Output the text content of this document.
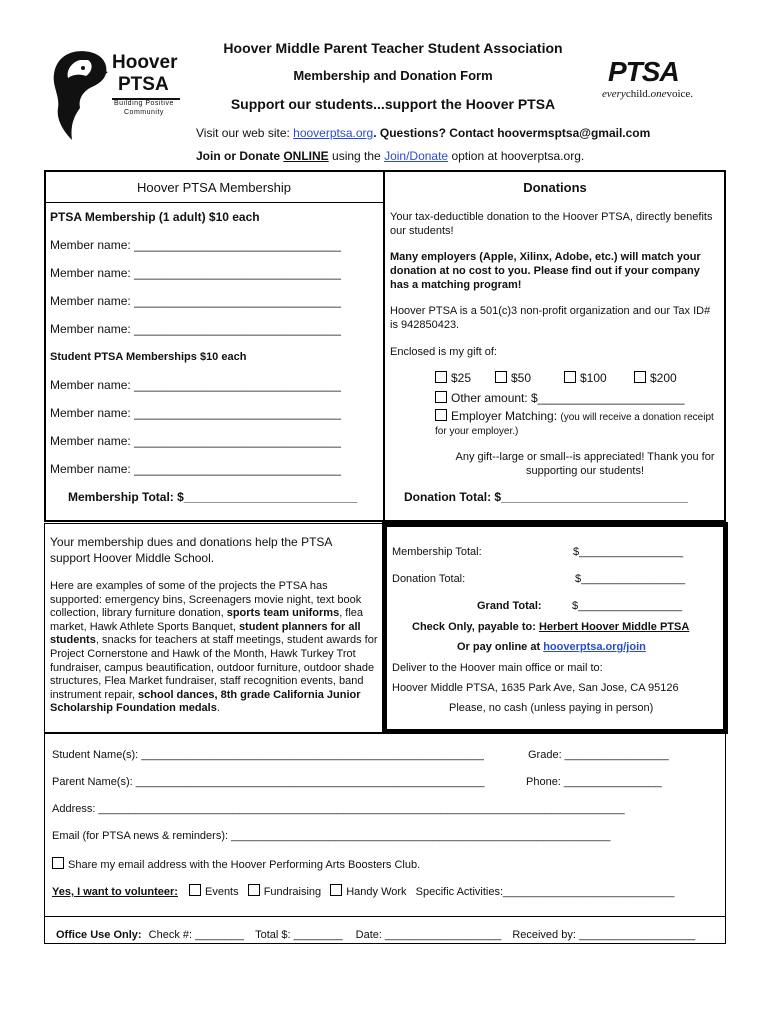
Hoover
PTSA
Building Positive
Community
Hoover Middle Parent Teacher Student Association
Membership and Donation Form
Support our students...support the Hoover PTSA
PTSA
everychild.onevoice.
Visit our web site: hooverptsa.org. Questions? Contact hoovermsptsa@gmail.com
Join or Donate ONLINE using the Join/Donate option at hooverptsa.org.
Hoover PTSA Membership
PTSA Membership (1 adult) $10 each
Member name: _______________________________
Member name: _______________________________
Member name: _______________________________
Member name: _______________________________
Student PTSA Memberships $10 each
Member name: _______________________________
Member name: _______________________________
Member name: _______________________________
Member name: _______________________________
Membership Total: $__________________________
Donations
Your tax-deductible donation to the Hoover PTSA, directly benefits our students!
Many employers (Apple, Xilinx, Adobe, etc.) will match your donation at no cost to you. Please find out if your company has a matching program!
Hoover PTSA is a 501(c)3 non-profit organization and our Tax ID# is 942850423.
Enclosed is my gift of:
$25	$50	$100	$200
Other amount: $______________________
Employer Matching: (you will receive a donation receipt
for your employer.)
Any gift--large or small--is appreciated! Thank you for supporting our students!
Donation Total: $____________________________
Your membership dues and donations help the PTSA support Hoover Middle School.
Here are examples of some of the projects the PTSA has supported: emergency bins, Screenagers movie night, text book collection, library furniture donation, sports team uniforms, flea market, Hawk Athlete Sports Banquet, student planners for all students, snacks for teachers at staff meetings, student awards for Project Cornerstone and Hawk of the Month, Hawk Turkey Trot fundraiser, campus beautification, outdoor furniture, outdoor shade structures, Flea Market fundraiser, staff recognition events, band instrument repair, school dances, 8th grade California Junior Scholarship Foundation medals.
Membership Total:	$_________________
Donation Total:	$_________________
Grand Total:	$_________________
Check Only, payable to: Herbert Hoover Middle PTSA
Or pay online at hooverptsa.org/join
Deliver to the Hoover main office or mail to:
Hoover Middle PTSA, 1635 Park Ave, San Jose, CA 95126
Please, no cash (unless paying in person)
Student Name(s): ________________________________________________________	Grade: _________________
Parent Name(s): _________________________________________________________	Phone: ________________
Address: ______________________________________________________________________________________
Email (for PTSA news & reminders): ______________________________________________________________
Share my email address with the Hoover Performing Arts Boosters Club.
Yes, I want to volunteer: Events Fundraising Handy Work Specific Activities:____________________________
Office Use Only: Check #: ________ Total $: ________ Date: ___________________ Received by: ___________________
